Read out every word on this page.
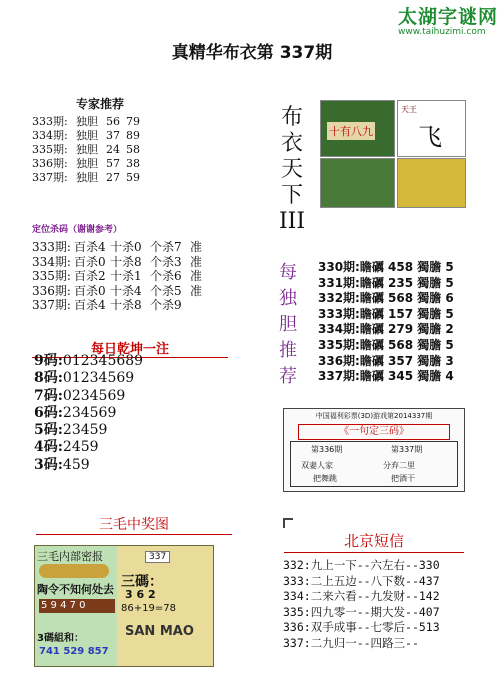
太湖字谜网
www.taihuzimi.com
真精华布衣第 337期
专家推荐
333期: 独胆 56 79
334期: 独胆 37 89
335期: 独胆 24 58
336期: 独胆 57 38
337期: 独胆 27 59
定位杀码（谢谢参考）
333期: 百杀4 十杀0 个杀7 准
334期: 百杀0 十杀8 个杀3 准
335期: 百杀2 十杀1 个杀6 准
336期: 百杀0 十杀4 个杀5 准
337期: 百杀4 十杀8 个杀9
每日乾坤一注
9码:012345689
8码:01234569
7码:0234569
6码:234569
5码:23459
4码:2459
3码:459
三毛中奖图
三毛内部密报	337
陶令不知何处去
5 9 4 7 0
三碼：
3 6 2
86+19=78
3碼組和：
741 529 857
SAN MAO
布衣天下III
十有八九
天王
飞
每独胆推荐
330期:瞻礪 458 獨膽 5
331期:瞻礪 235 獨膽 5
332期:瞻礪 568 獨膽 6
333期:瞻礪 157 獨膽 5
334期:瞻礪 279 獨膽 2
335期:瞻礪 568 獨膽 5
336期:瞻礪 357 獨膽 3
337期:瞻礪 345 獨膽 4
中国福利彩票(3D)游戏第2014337期
《一句定三码》
第336期	第337期
双妻人家
把舞跳
分弃二里
把酒干
北京短信
332:九上一下--六左右--330
333:二上五边--八下数--437
334:二来六看--九发财--142
335:四九零一--期大发--407
336:双手成事--七零后--513
337:二九归一--四路三--
